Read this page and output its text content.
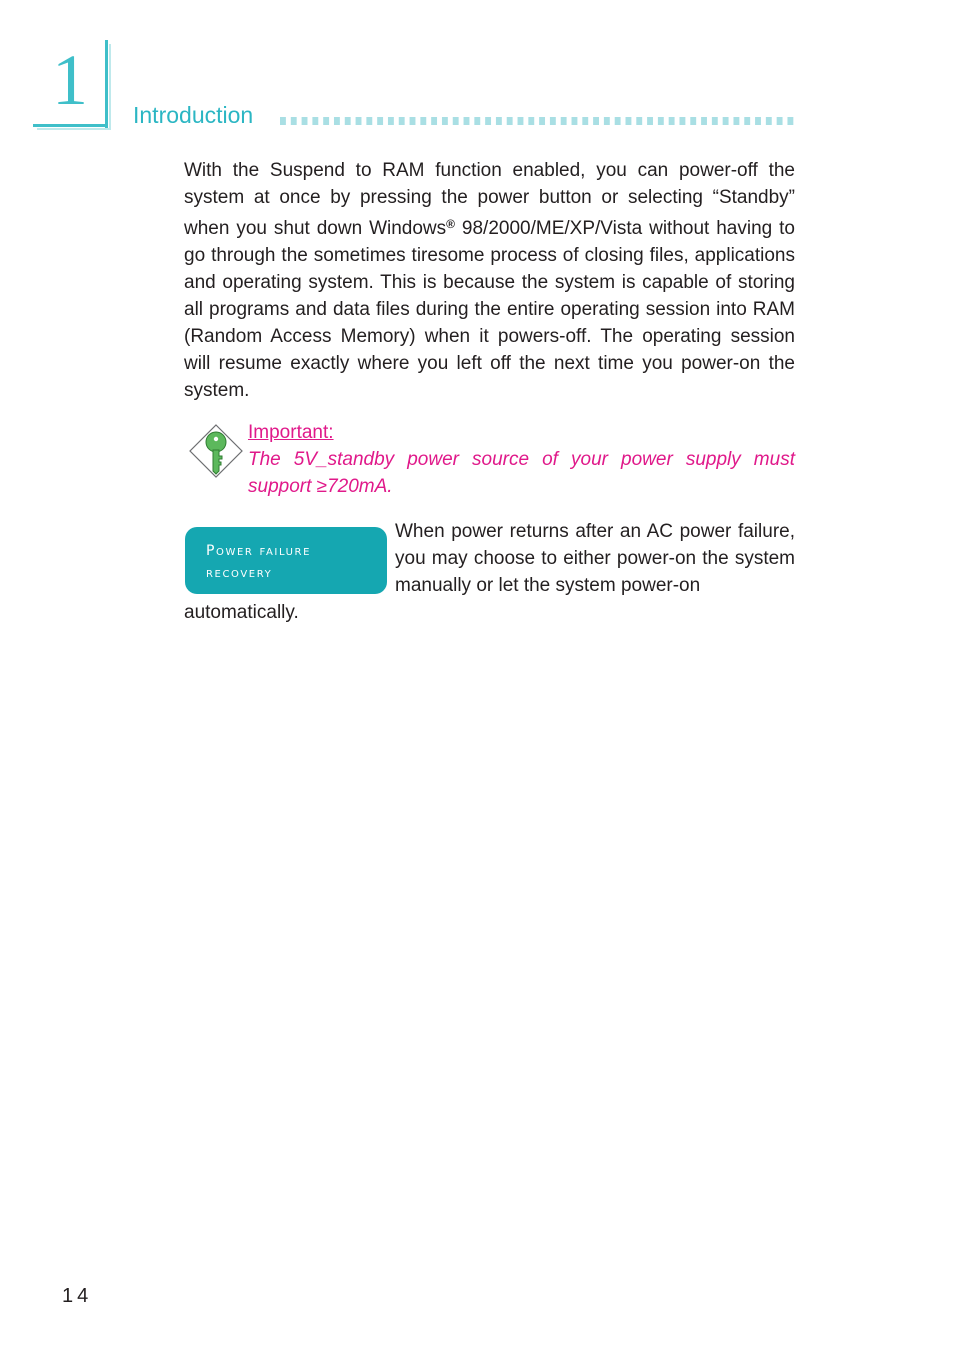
1 Introduction
With the Suspend to RAM function enabled, you can power-off the system at once by pressing the power button or selecting “Standby” when you shut down Windows® 98/2000/ME/XP/Vista without having to go through the sometimes tiresome process of closing files, applications and operating system. This is because the system is capable of storing all programs and data files during the entire operating session into RAM (Random Access Memory) when it powers-off. The operating session will resume exactly where you left off the next time you power-on the system.
Important:
The 5V_standby power source of your power supply must support ≥720mA.
Power failure
recovery
When power returns after an AC power failure, you may choose to either power-on the system manually or let the system power-on
automatically.
14
